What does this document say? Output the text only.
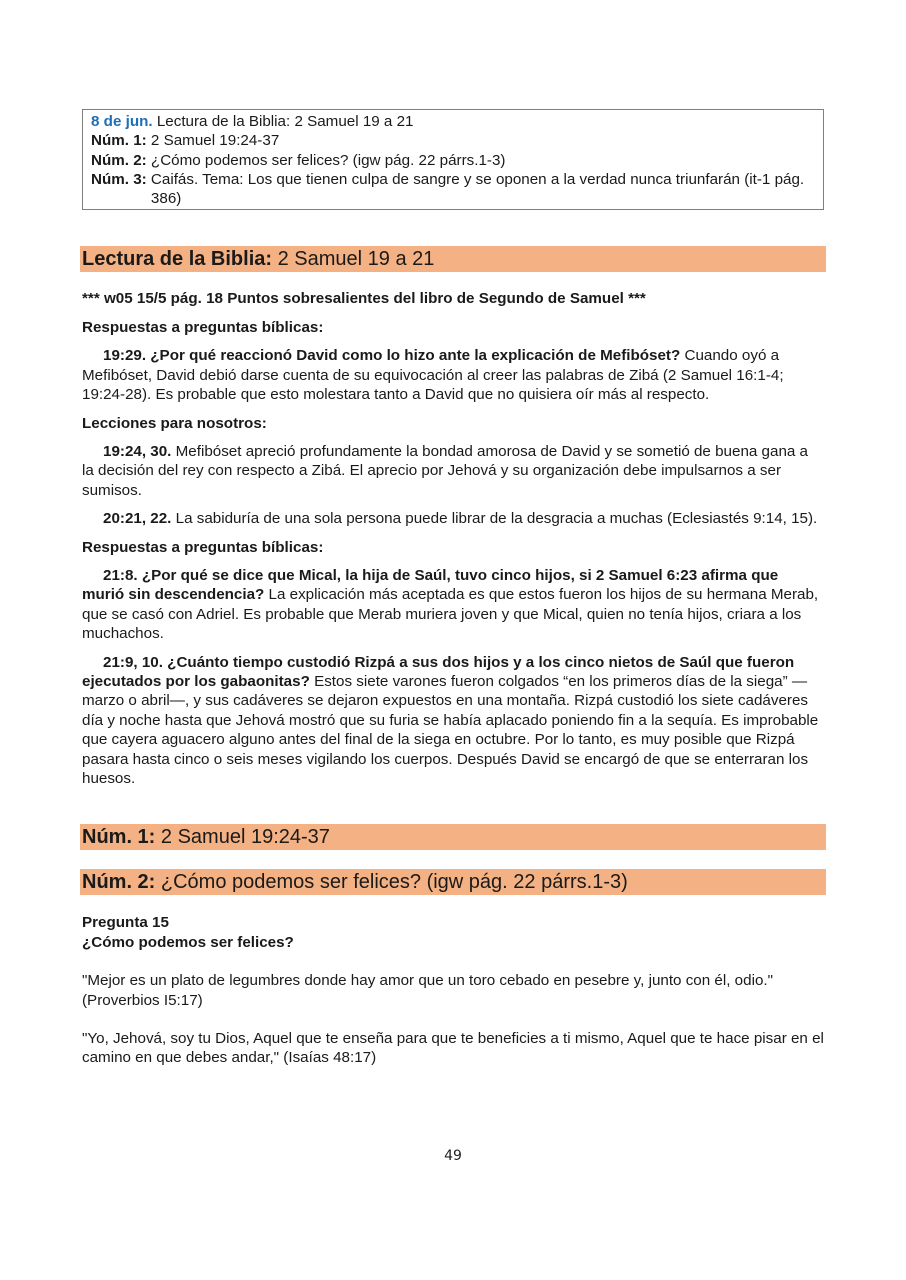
8 de jun. Lectura de la Biblia: 2 Samuel 19 a 21
Núm. 1: 2 Samuel 19:24-37
Núm. 2: ¿Cómo podemos ser felices? (igw pág. 22 párrs.1-3)
Núm. 3: Caifás. Tema: Los que tienen culpa de sangre y se oponen a la verdad nunca triunfarán (it-1 pág. 386)
Lectura de la Biblia: 2 Samuel 19 a 21

*** w05 15/5 pág. 18 Puntos sobresalientes del libro de Segundo de Samuel ***

Respuestas a preguntas bíblicas:

19:29. ¿Por qué reaccionó David como lo hizo ante la explicación de Mefibóset? Cuando oyó a Mefibóset, David debió darse cuenta de su equivocación al creer las palabras de Zibá (2 Samuel 16:1-4; 19:24-28). Es probable que esto molestara tanto a David que no quisiera oír más al respecto.

Lecciones para nosotros:

19:24, 30. Mefibóset apreció profundamente la bondad amorosa de David y se sometió de buena gana a la decisión del rey con respecto a Zibá. El aprecio por Jehová y su organización debe impulsarnos a ser sumisos.

20:21, 22. La sabiduría de una sola persona puede librar de la desgracia a muchas (Eclesiastés 9:14, 15).

Respuestas a preguntas bíblicas:

21:8. ¿Por qué se dice que Mical, la hija de Saúl, tuvo cinco hijos, si 2 Samuel 6:23 afirma que murió sin descendencia? La explicación más aceptada es que estos fueron los hijos de su hermana Merab, que se casó con Adriel. Es probable que Merab muriera joven y que Mical, quien no tenía hijos, criara a los muchachos.

21:9, 10. ¿Cuánto tiempo custodió Rizpá a sus dos hijos y a los cinco nietos de Saúl que fueron ejecutados por los gabaonitas? Estos siete varones fueron colgados “en los primeros días de la siega” —marzo o abril—, y sus cadáveres se dejaron expuestos en una montaña. Rizpá custodió los siete cadáveres día y noche hasta que Jehová mostró que su furia se había aplacado poniendo fin a la sequía. Es improbable que cayera aguacero alguno antes del final de la siega en octubre. Por lo tanto, es muy posible que Rizpá pasara hasta cinco o seis meses vigilando los cuerpos. Después David se encargó de que se enterraran los huesos.

Núm. 1: 2 Samuel 19:24-37
Núm. 2: ¿Cómo podemos ser felices? (igw pág. 22 párrs.1-3)

Pregunta 15

¿Cómo podemos ser felices?

"Mejor es un plato de legumbres donde hay amor que un toro cebado en pesebre y, junto con él, odio." (Proverbios I5:17)

"Yo, Jehová, soy tu Dios, Aquel que te enseña para que te beneficies a ti mismo, Aquel que te hace pisar en el camino en que debes andar," (Isaías 48:17)

49
